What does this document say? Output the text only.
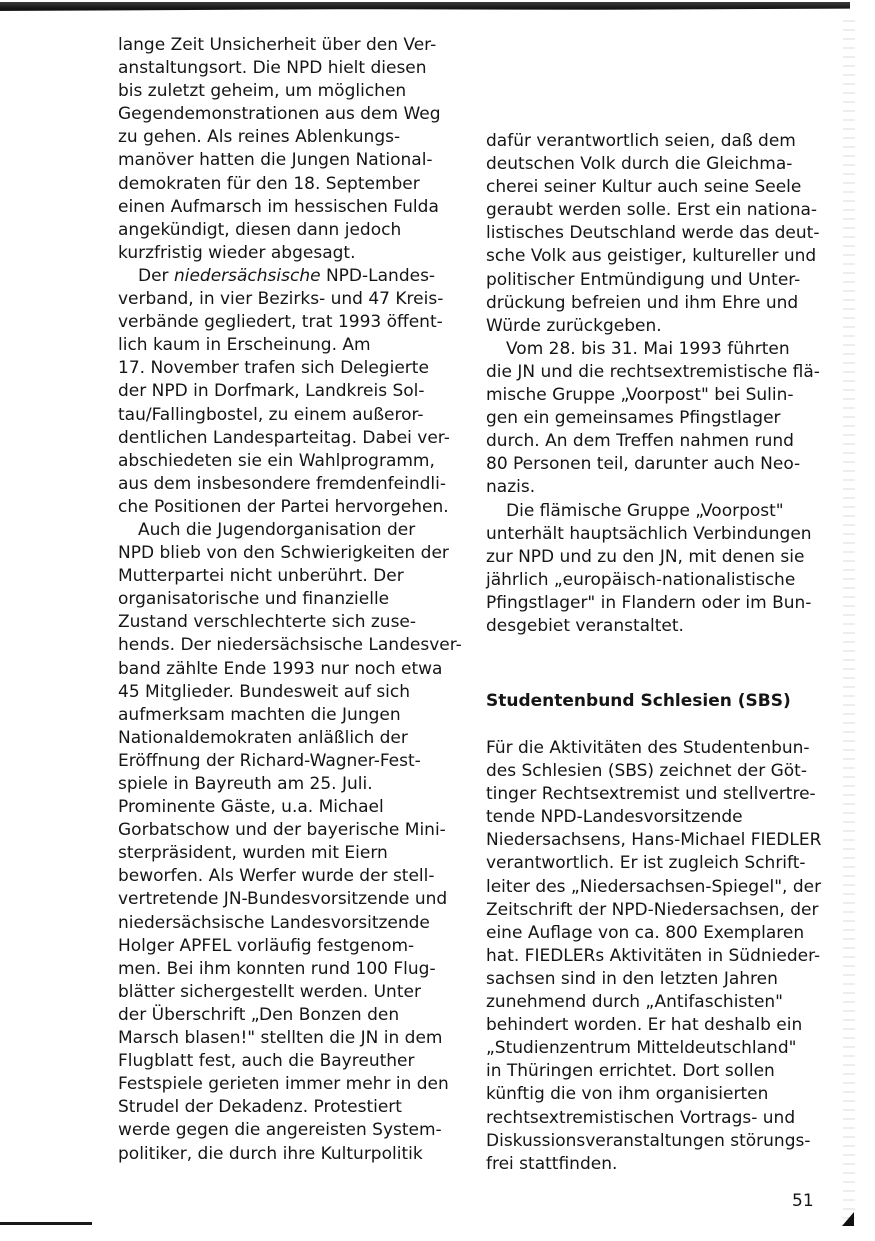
lange Zeit Unsicherheit über den Ver-
anstaltungsort. Die NPD hielt diesen
bis zuletzt geheim, um möglichen
Gegendemonstrationen aus dem Weg
zu gehen. Als reines Ablenkungs-
manöver hatten die Jungen National-
demokraten für den 18. September
einen Aufmarsch im hessischen Fulda
angekündigt, diesen dann jedoch
kurzfristig wieder abgesagt.
Der niedersächsische NPD-Landes-
verband, in vier Bezirks- und 47 Kreis-
verbände gegliedert, trat 1993 öffent-
lich kaum in Erscheinung. Am
17. November trafen sich Delegierte
der NPD in Dorfmark, Landkreis Sol-
tau/Fallingbostel, zu einem außeror-
dentlichen Landesparteitag. Dabei ver-
abschiedeten sie ein Wahlprogramm,
aus dem insbesondere fremdenfeindli-
che Positionen der Partei hervorgehen.
Auch die Jugendorganisation der
NPD blieb von den Schwierigkeiten der
Mutterpartei nicht unberührt. Der
organisatorische und finanzielle
Zustand verschlechterte sich zuse-
hends. Der niedersächsische Landesver-
band zählte Ende 1993 nur noch etwa
45 Mitglieder. Bundesweit auf sich
aufmerksam machten die Jungen
Nationaldemokraten anläßlich der
Eröffnung der Richard-Wagner-Fest-
spiele in Bayreuth am 25. Juli.
Prominente Gäste, u.a. Michael
Gorbatschow und der bayerische Mini-
sterpräsident, wurden mit Eiern
beworfen. Als Werfer wurde der stell-
vertretende JN-Bundesvorsitzende und
niedersächsische Landesvorsitzende
Holger APFEL vorläufig festgenom-
men. Bei ihm konnten rund 100 Flug-
blätter sichergestellt werden. Unter
der Überschrift „Den Bonzen den
Marsch blasen!" stellten die JN in dem
Flugblatt fest, auch die Bayreuther
Festspiele gerieten immer mehr in den
Strudel der Dekadenz. Protestiert
werde gegen die angereisten System-
politiker, die durch ihre Kulturpolitik
dafür verantwortlich seien, daß dem
deutschen Volk durch die Gleichma-
cherei seiner Kultur auch seine Seele
geraubt werden solle. Erst ein nationa-
listisches Deutschland werde das deut-
sche Volk aus geistiger, kultureller und
politischer Entmündigung und Unter-
drückung befreien und ihm Ehre und
Würde zurückgeben.
Vom 28. bis 31. Mai 1993 führten
die JN und die rechtsextremistische flä-
mische Gruppe „Voorpost" bei Sulin-
gen ein gemeinsames Pfingstlager
durch. An dem Treffen nahmen rund
80 Personen teil, darunter auch Neo-
nazis.
Die flämische Gruppe „Voorpost"
unterhält hauptsächlich Verbindungen
zur NPD und zu den JN, mit denen sie
jährlich „europäisch-nationalistische
Pfingstlager" in Flandern oder im Bun-
desgebiet veranstaltet.
Studentenbund Schlesien (SBS)
Für die Aktivitäten des Studentenbun-
des Schlesien (SBS) zeichnet der Göt-
tinger Rechtsextremist und stellvertre-
tende NPD-Landesvorsitzende
Niedersachsens, Hans-Michael FIEDLER
verantwortlich. Er ist zugleich Schrift-
leiter des „Niedersachsen-Spiegel", der
Zeitschrift der NPD-Niedersachsen, der
eine Auflage von ca. 800 Exemplaren
hat. FIEDLERs Aktivitäten in Südnieder-
sachsen sind in den letzten Jahren
zunehmend durch „Antifaschisten"
behindert worden. Er hat deshalb ein
„Studienzentrum Mitteldeutschland"
in Thüringen errichtet. Dort sollen
künftig die von ihm organisierten
rechtsextremistischen Vortrags- und
Diskussionsveranstaltungen störungs-
frei stattfinden.
51
